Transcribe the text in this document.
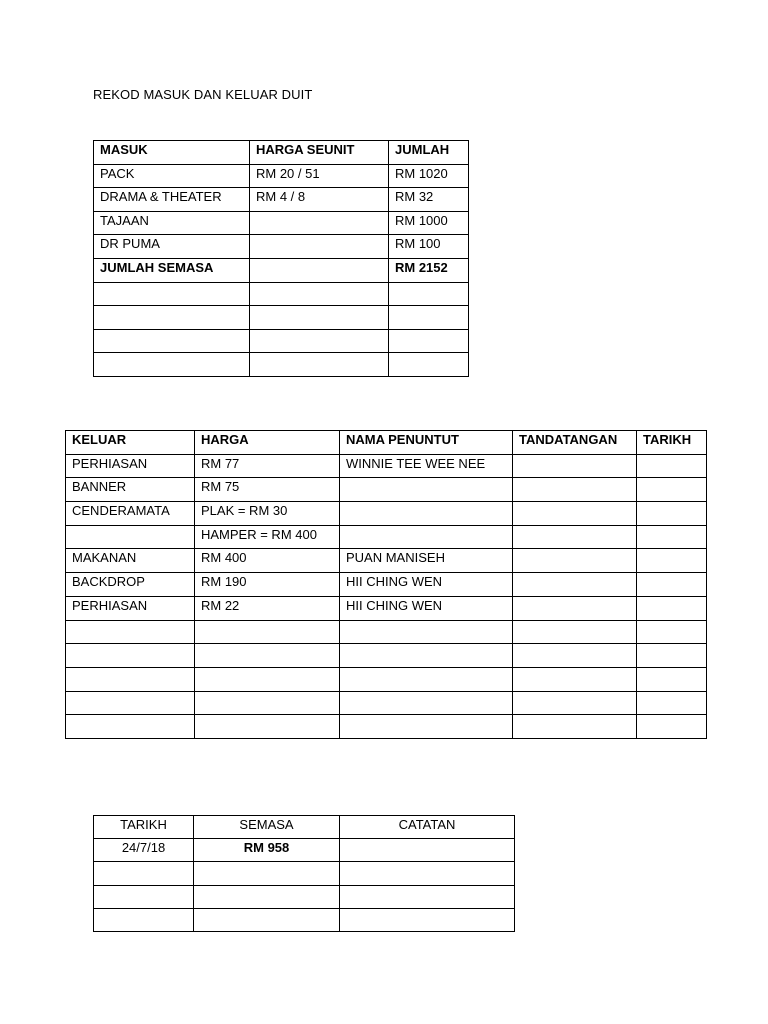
REKOD MASUK DAN KELUAR DUIT
MASUK	HARGA SEUNIT	JUMLAH
PACK	RM 20 / 51	RM 1020
DRAMA & THEATER	RM 4 / 8	RM 32
TAJAAN		RM 1000
DR PUMA		RM 100
JUMLAH SEMASA		RM 2152

KELUAR	HARGA	NAMA PENUNTUT	TANDATANGAN	TARIKH
PERHIASAN	RM 77	WINNIE TEE WEE NEE		
BANNER	RM 75			
CENDERAMATA	PLAK = RM 30			
	HAMPER = RM 400			
MAKANAN	RM 400	PUAN MANISEH		
BACKDROP	RM 190	HII CHING WEN		
PERHIASAN	RM 22	HII CHING WEN		

TARIKH	SEMASA	CATATAN
24/7/18	RM 958	
